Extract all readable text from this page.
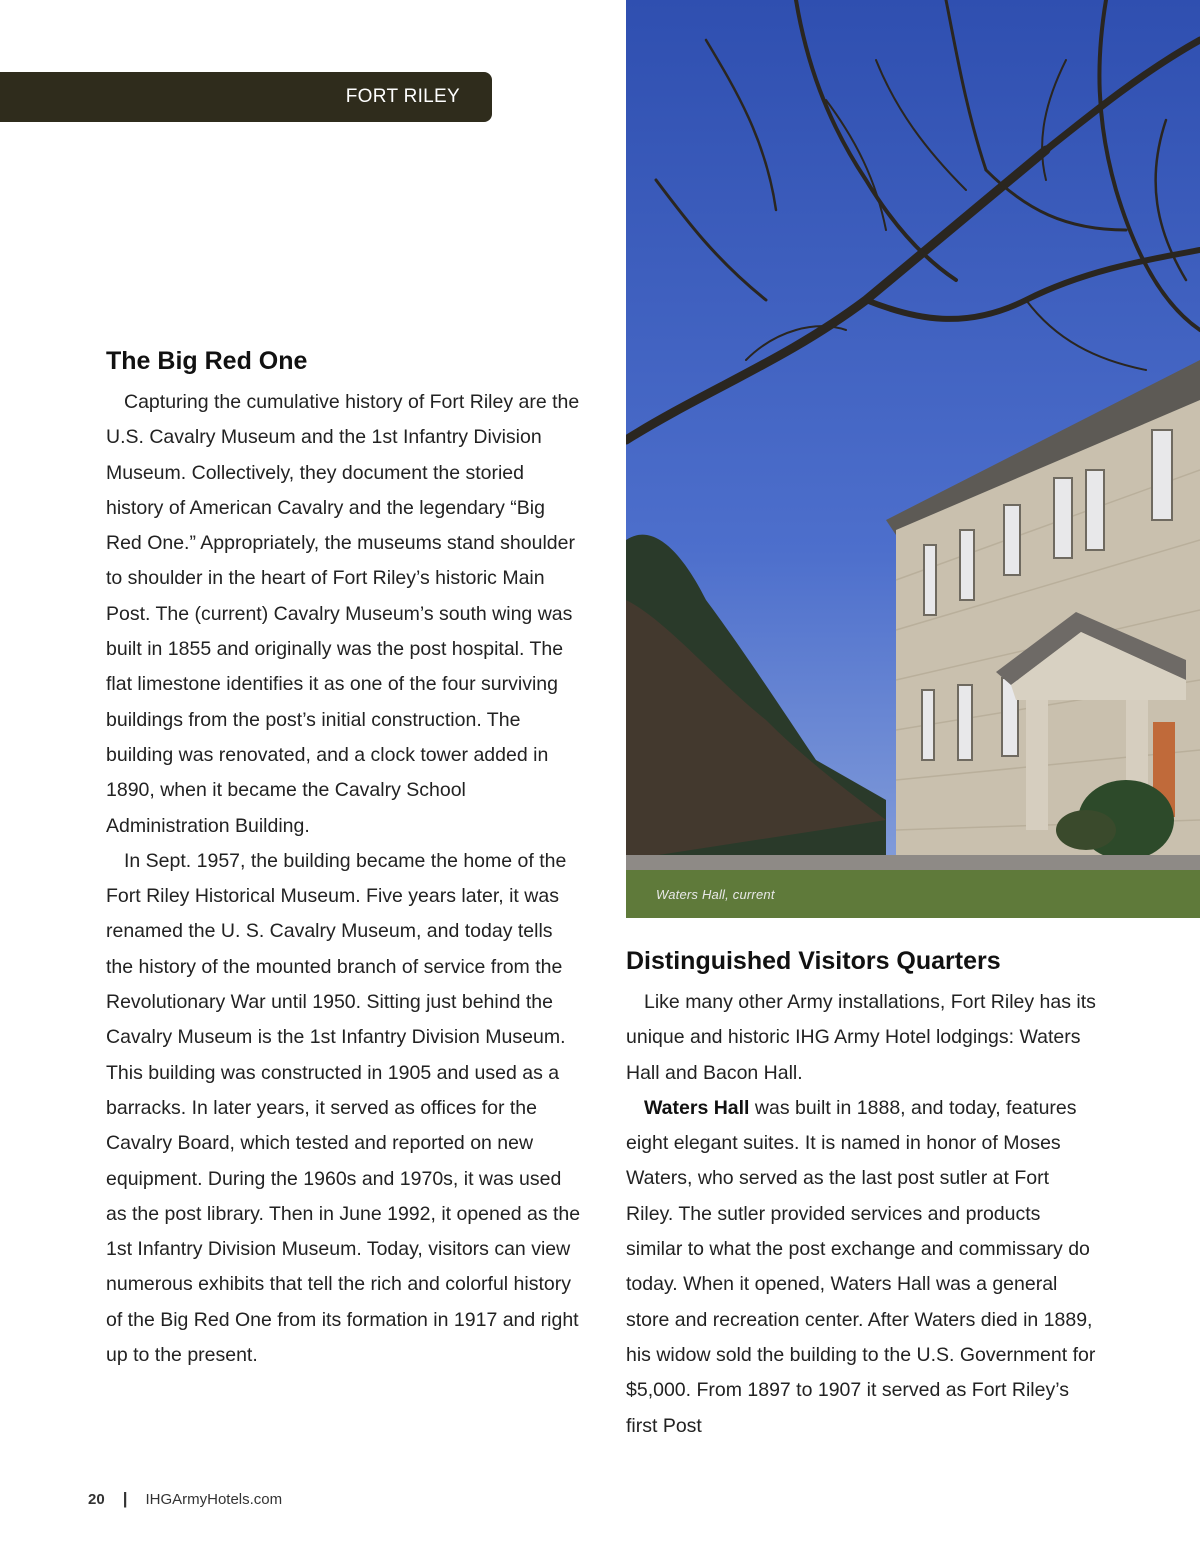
FORT RILEY
The Big Red One

Capturing the cumulative history of Fort Riley are the U.S. Cavalry Museum and the 1st Infantry Division Museum. Collectively, they document the storied history of American Cavalry and the legendary “Big Red One.” Appropriately, the museums stand shoulder to shoulder in the heart of Fort Riley’s historic Main Post. The (current) Cavalry Museum’s south wing was built in 1855 and originally was the post hospital. The flat limestone identifies it as one of the four surviving buildings from the post’s initial construction. The building was renovated, and a clock tower added in 1890, when it became the Cavalry School Administration Building.

In Sept. 1957, the building became the home of the Fort Riley Historical Museum. Five years later, it was renamed the U. S. Cavalry Museum, and today tells the history of the mounted branch of service from the Revolutionary War until 1950. Sitting just behind the Cavalry Museum is the 1st Infantry Division Museum. This building was constructed in 1905 and used as a barracks. In later years, it served as offices for the Cavalry Board, which tested and reported on new equipment. During the 1960s and 1970s, it was used as the post library. Then in June 1992, it opened as the 1st Infantry Division Museum. Today, visitors can view numerous exhibits that tell the rich and colorful history of the Big Red One from its formation in 1917 and right up to the present.

Waters Hall, current
Distinguished Visitors Quarters

Like many other Army installations, Fort Riley has its unique and historic IHG Army Hotel lodgings: Waters Hall and Bacon Hall.

Waters Hall was built in 1888, and today, features eight elegant suites. It is named in honor of Moses Waters, who served as the last post sutler at Fort Riley. The sutler provided services and products similar to what the post exchange and commissary do today. When it opened, Waters Hall was a general store and recreation center. After Waters died in 1889, his widow sold the building to the U.S. Government for $5,000. From 1897 to 1907 it served as Fort Riley’s first Post

20 | IHGArmyHotels.com
